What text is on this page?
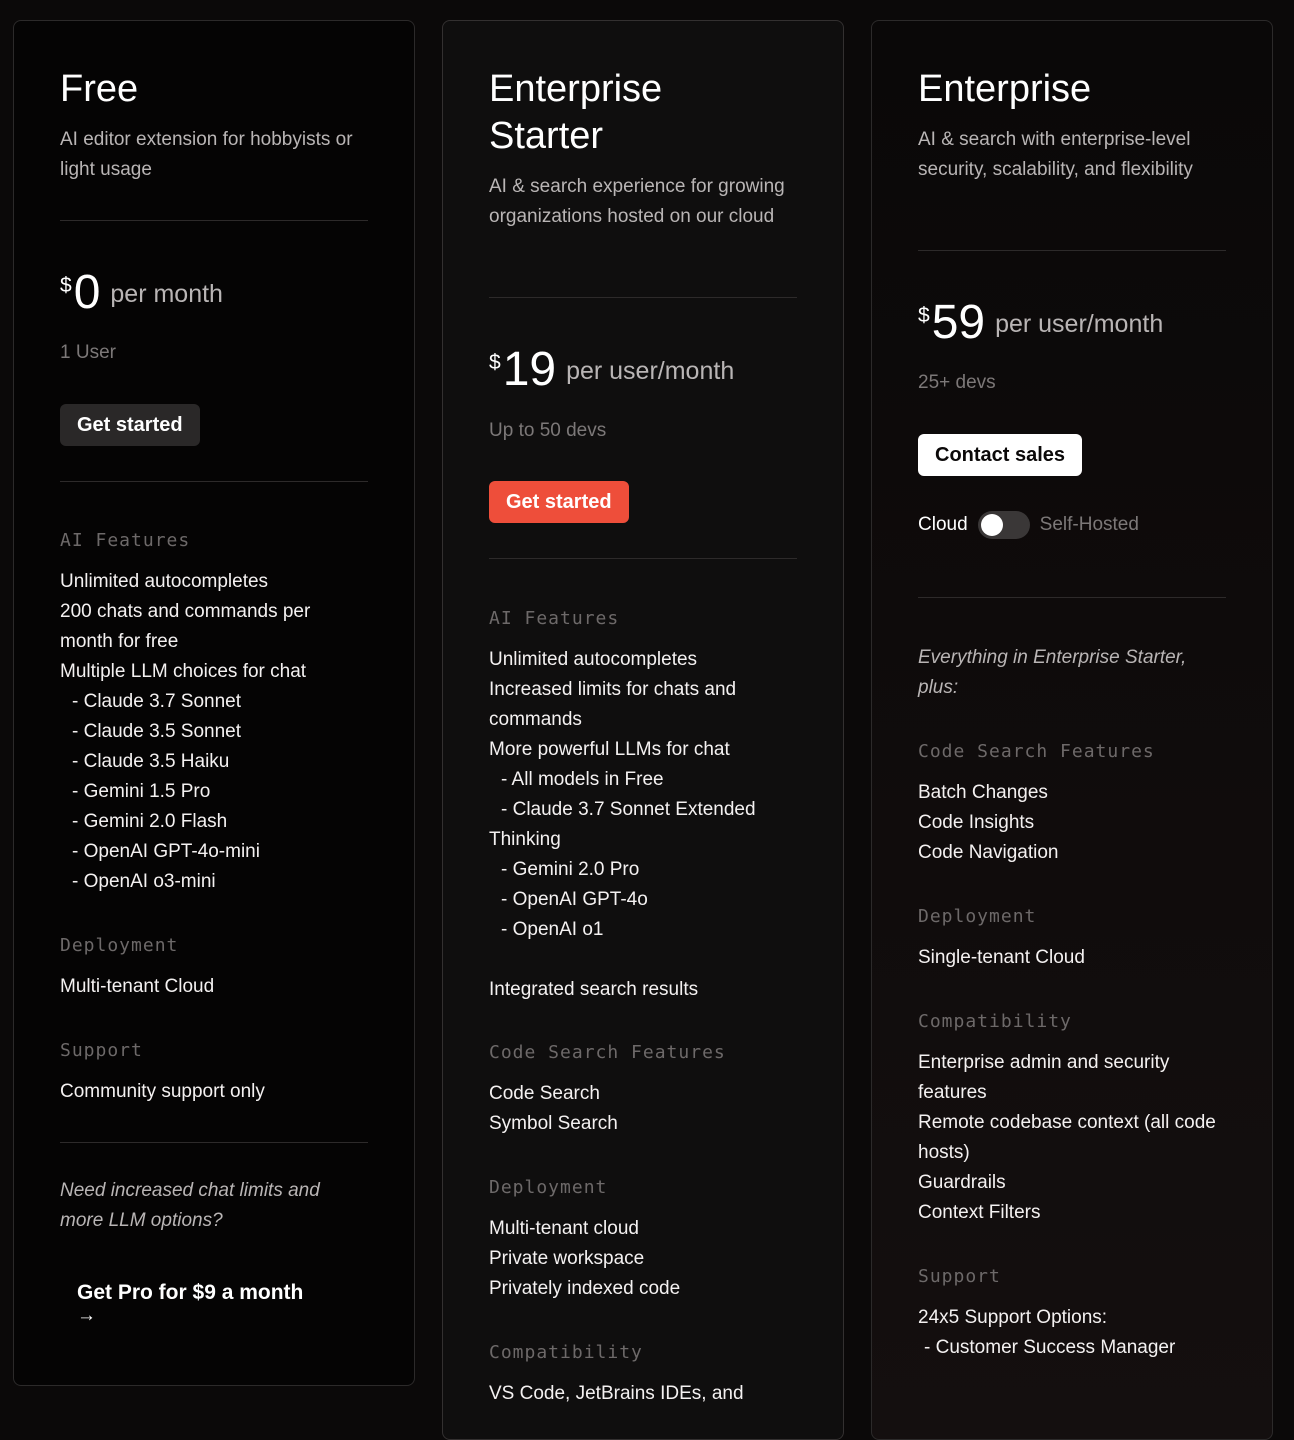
Free

AI editor extension for hobbyists or light usage

$0 per month
1 User
Get started
AI Features
Unlimited autocompletes
200 chats and commands per month for free
Multiple LLM choices for chat
- Claude 3.7 Sonnet
- Claude 3.5 Sonnet
- Claude 3.5 Haiku
- Gemini 1.5 Pro
- Gemini 2.0 Flash
- OpenAI GPT-4o-mini
- OpenAI o3-mini
Deployment
Multi-tenant Cloud
Support
Community support only

Need increased chat limits and more LLM options?

Get Pro for $9 a month
→
Enterprise
Starter

AI & search experience for growing organizations hosted on our cloud

$19 per user/month
Up to 50 devs
Get started
AI Features
Unlimited autocompletes
Increased limits for chats and commands
More powerful LLMs for chat
- All models in Free
- Claude 3.7 Sonnet Extended Thinking
- Gemini 2.0 Pro
- OpenAI GPT-4o
- OpenAI o1
Integrated search results
Code Search Features
Code Search
Symbol Search
Deployment
Multi-tenant cloud
Private workspace
Privately indexed code
Compatibility
VS Code, JetBrains IDEs, and
Enterprise

AI & search with enterprise-level security, scalability, and flexibility

$59 per user/month
25+ devs
Contact sales
Cloud	Self-Hosted

Everything in Enterprise Starter, plus:

Code Search Features
Batch Changes
Code Insights
Code Navigation
Deployment
Single-tenant Cloud
Compatibility
Enterprise admin and security features
Remote codebase context (all code hosts)
Guardrails
Context Filters
Support
24x5 Support Options:
- Customer Success Manager
